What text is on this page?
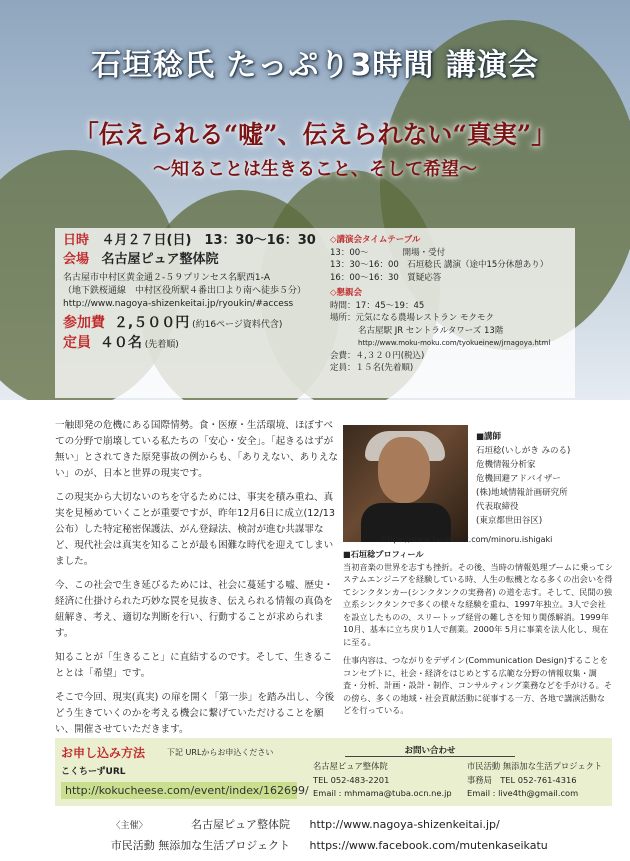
石垣稔氏 たっぷり3時間 講演会
「伝えられる“嘘”、伝えられない“真実”」
〜知ることは生きること、そして希望〜
日時 ４月２７日(日)　13：30〜16：30
会場 名古屋ピュア整体院
名古屋市中村区黄金通２-５９プリンセス名駅西1-A
（地下鉄桜通線　中村区役所駅４番出口より南へ徒歩５分）
http://www.nagoya-shizenkeitai.jp/ryoukin/#access
参加費 ２,５００円 (約16ページ資料代含)
定員 ４０名 (先着順)
◇講演会タイムテーブル
13：00〜　　　　開場・受付
13：30〜16：00　石垣稔氏 講演（途中15分休憩あり）
16：00〜16：30　質疑応答
◇懇親会
時間：17：45〜19：45
場所：元気になる農場レストラン モクモク
名古屋駅 JR セントラルタワーズ 13階
http://www.moku-moku.com/tyokueinew/jrnagoya.html
会費：４,３２０円(税込)
定員：１５名(先着順)

一触即発の危機にある国際情勢。食・医療・生活環境、ほぼすべての分野で崩壊している私たちの「安心・安全」。「起きるはずが無い」とされてきた原発事故の例からも、「ありえない、ありえない」のが、日本と世界の現実です。

この現実から大切ないのちを守るためには、事実を積み重ね、真実を見極めていくことが重要ですが、昨年12月6日に成立(12/13 公布）した特定秘密保護法、がん登録法、検討が進む共謀罪など、現代社会は真実を知ることが最も困難な時代を迎えてしまいました。

今、この社会で生き延びるためには、社会に蔓延する嘘、歴史・経済に仕掛けられた巧妙な罠を見抜き、伝えられる情報の真偽を紐解き、考え、適切な判断を行い、行動することが求められます。

知ることが「生きること」に直結するのです。そして、生きることとは「希望」です。

そこで今回、現実(真実) の扉を開く「第一歩」を踏み出し、今後どう生きていくのかを考える機会に繋げていただけることを願い、開催させていただきます。

■講師
石垣稔(いしがき みのる)
危機情報分析家
危機回避アドバイザー
(株)地域情報計画研究所
代表取締役
(東京都世田谷区)
https://www.facebook.com/minoru.ishigaki
■石垣稔プロフィール

当初音楽の世界を志すも挫折。その後、当時の情報処理ブームに乗ってシステムエンジニアを経験している時、人生の転機となる多くの出会いを得てシンクタンカー(シンクタンクの実務者) の道を志す。そして、民間の独立系シンクタンクで多くの様々な経験を重ね、1997年独立。3人で会社を設立したものの、スリートップ経営の難しさを知り関係解消。1999年10月、基本に立ち戻り1人で創業。2000年 5月に事業を法人化し、現在に至る。

仕事内容は、つながりをデザイン(Communication Design)することをコンセプトに、社会・経済をはじめとする広範な分野の情報収集・調査・分析、計画・設計・制作、コンサルティング業務などを手がける。その傍ら、多くの地域・社会貢献活動に従事する一方、各地で講演活動などを行っている。

お申し込み方法	下記 URLからお申込ください
こくちーずURL
http://kokucheese.com/event/index/162699/
お問い合わせ
名古屋ピュア整体院
TEL 052-483-2201
Email : mhmama@tuba.ocn.ne.jp
市民活動 無添加な生活プロジェクト
事務局　TEL 052-761-4316
Email : live4th@gmail.com
〈主催〉	名古屋ピュア整体院 http://www.nagoya-shizenkeitai.jp/
市民活動 無添加な生活プロジェクト https://www.facebook.com/mutenkaseikatu
